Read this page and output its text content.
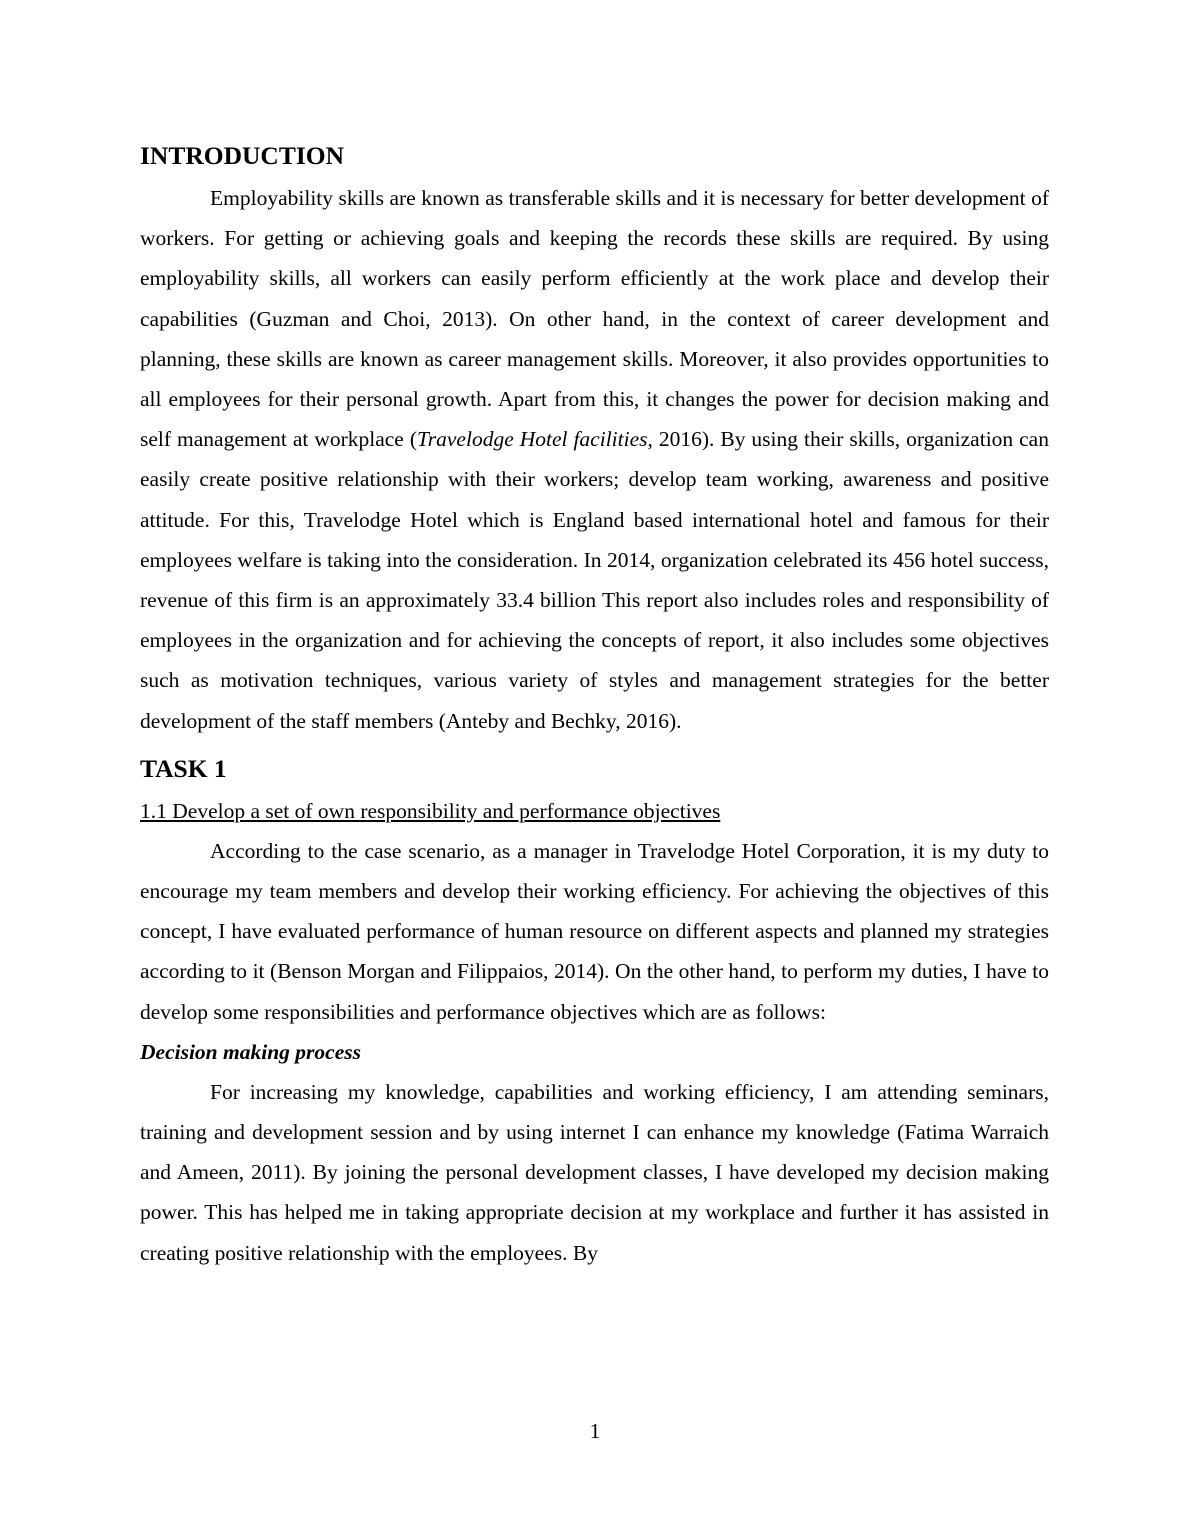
INTRODUCTION

Employability skills are known as transferable skills and it is necessary for better development of workers. For getting or achieving goals and keeping the records these skills are required. By using employability skills, all workers can easily perform efficiently at the work place and develop their capabilities (Guzman and Choi, 2013). On other hand, in the context of career development and planning, these skills are known as career management skills. Moreover, it also provides opportunities to all employees for their personal growth. Apart from this, it changes the power for decision making and self management at workplace (Travelodge Hotel facilities, 2016). By using their skills, organization can easily create positive relationship with their workers; develop team working, awareness and positive attitude. For this, Travelodge Hotel which is England based international hotel and famous for their employees welfare is taking into the consideration. In 2014, organization celebrated its 456 hotel success, revenue of this firm is an approximately 33.4 billion This report also includes roles and responsibility of employees in the organization and for achieving the concepts of report, it also includes some objectives such as motivation techniques, various variety of styles and management strategies for the better development of the staff members (Anteby and Bechky, 2016).

TASK 1

1.1 Develop a set of own responsibility and performance objectives

According to the case scenario, as a manager in Travelodge Hotel Corporation, it is my duty to encourage my team members and develop their working efficiency. For achieving the objectives of this concept, I have evaluated performance of human resource on different aspects and planned my strategies according to it (Benson Morgan and Filippaios, 2014). On the other hand, to perform my duties, I have to develop some responsibilities and performance objectives which are as follows:

Decision making process

For increasing my knowledge, capabilities and working efficiency, I am attending seminars, training and development session and by using internet I can enhance my knowledge (Fatima Warraich and Ameen, 2011). By joining the personal development classes, I have developed my decision making power. This has helped me in taking appropriate decision at my workplace and further it has assisted in creating positive relationship with the employees. By

1
